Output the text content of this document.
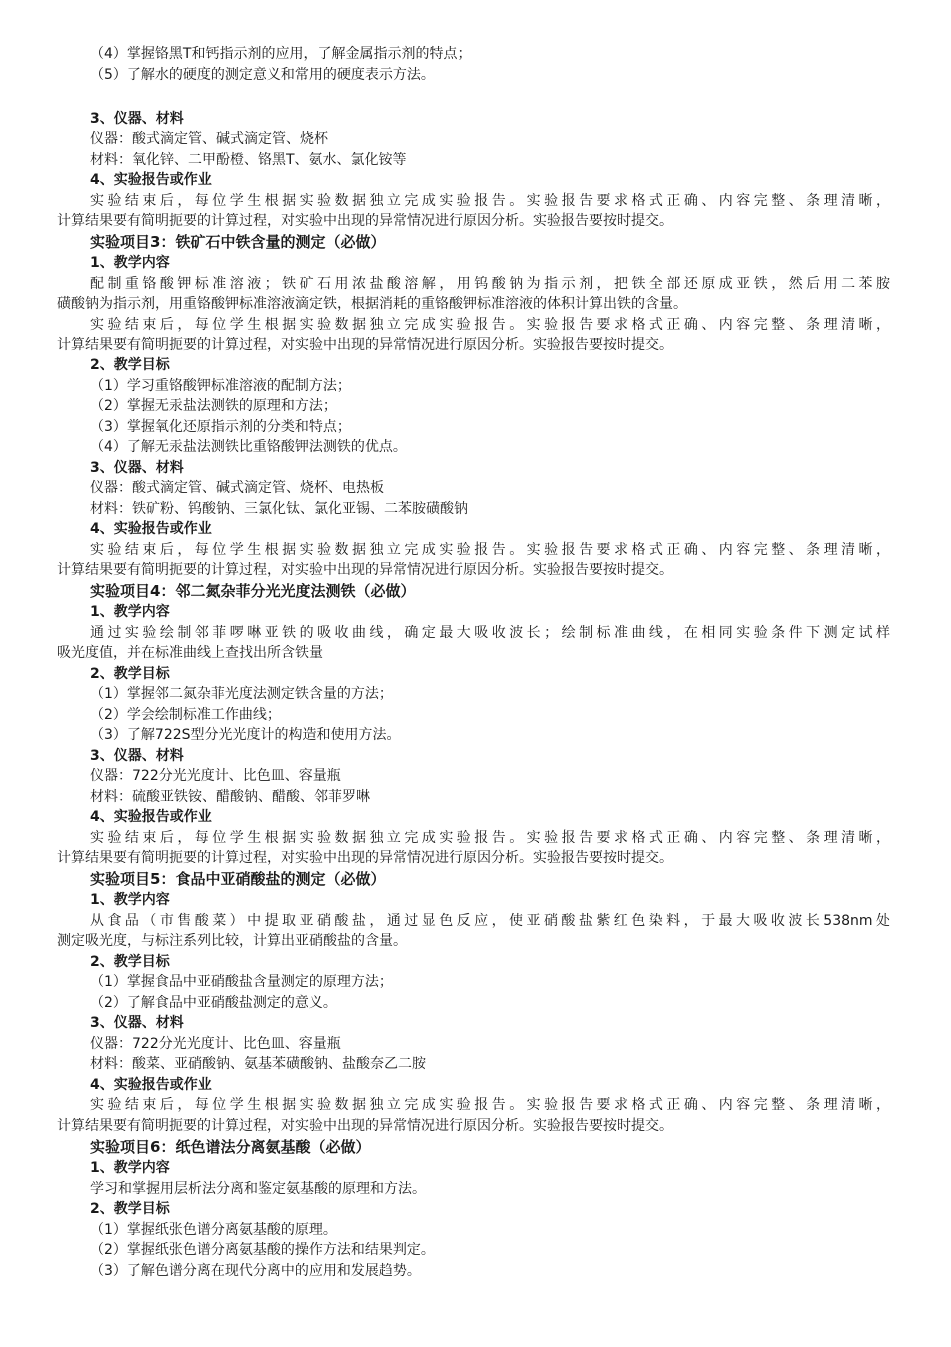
（4）掌握铬黑T和钙指示剂的应用，了解金属指示剂的特点；
（5）了解水的硬度的测定意义和常用的硬度表示方法。
3、仪器、材料
仪器：酸式滴定管、碱式滴定管、烧杯
材料：氧化锌、二甲酚橙、铬黑T、氨水、氯化铵等
4、实验报告或作业
实验结束后，每位学生根据实验数据独立完成实验报告。实验报告要求格式正确、内容完整、条理清晰，
计算结果要有简明扼要的计算过程，对实验中出现的异常情况进行原因分析。实验报告要按时提交。
实验项目3：铁矿石中铁含量的测定（必做）
1、教学内容
配制重铬酸钾标准溶液；铁矿石用浓盐酸溶解，用钨酸钠为指示剂，把铁全部还原成亚铁，然后用二苯胺
磺酸钠为指示剂，用重铬酸钾标准溶液滴定铁，根据消耗的重铬酸钾标准溶液的体积计算出铁的含量。
实验结束后，每位学生根据实验数据独立完成实验报告。实验报告要求格式正确、内容完整、条理清晰，
计算结果要有简明扼要的计算过程，对实验中出现的异常情况进行原因分析。实验报告要按时提交。
2、教学目标
（1）学习重铬酸钾标准溶液的配制方法；
（2）掌握无汞盐法测铁的原理和方法；
（3）掌握氧化还原指示剂的分类和特点；
（4）了解无汞盐法测铁比重铬酸钾法测铁的优点。
3、仪器、材料
仪器：酸式滴定管、碱式滴定管、烧杯、电热板
材料：铁矿粉、钨酸钠、三氯化钛、氯化亚锡、二苯胺磺酸钠
4、实验报告或作业
实验结束后，每位学生根据实验数据独立完成实验报告。实验报告要求格式正确、内容完整、条理清晰，
计算结果要有简明扼要的计算过程，对实验中出现的异常情况进行原因分析。实验报告要按时提交。
实验项目4：邻二氮杂菲分光光度法测铁（必做）
1、教学内容
通过实验绘制邻菲啰啉亚铁的吸收曲线，确定最大吸收波长；绘制标准曲线，在相同实验条件下测定试样
吸光度值，并在标准曲线上查找出所含铁量
2、教学目标
（1）掌握邻二氮杂菲光度法测定铁含量的方法；
（2）学会绘制标准工作曲线；
（3）了解722S型分光光度计的构造和使用方法。
3、仪器、材料
仪器：722分光光度计、比色皿、容量瓶
材料：硫酸亚铁铵、醋酸钠、醋酸、邻菲罗啉
4、实验报告或作业
实验结束后，每位学生根据实验数据独立完成实验报告。实验报告要求格式正确、内容完整、条理清晰，
计算结果要有简明扼要的计算过程，对实验中出现的异常情况进行原因分析。实验报告要按时提交。
实验项目5：食品中亚硝酸盐的测定（必做）
1、教学内容
从食品（市售酸菜）中提取亚硝酸盐，通过显色反应，使亚硝酸盐紫红色染料，于最大吸收波长538nm处
测定吸光度，与标注系列比较，计算出亚硝酸盐的含量。
2、教学目标
（1）掌握食品中亚硝酸盐含量测定的原理方法；
（2）了解食品中亚硝酸盐测定的意义。
3、仪器、材料
仪器：722分光光度计、比色皿、容量瓶
材料：酸菜、亚硝酸钠、氨基苯磺酸钠、盐酸奈乙二胺
4、实验报告或作业
实验结束后，每位学生根据实验数据独立完成实验报告。实验报告要求格式正确、内容完整、条理清晰，
计算结果要有简明扼要的计算过程，对实验中出现的异常情况进行原因分析。实验报告要按时提交。
实验项目6：纸色谱法分离氨基酸（必做）
1、教学内容
学习和掌握用层析法分离和鉴定氨基酸的原理和方法。
2、教学目标
（1）掌握纸张色谱分离氨基酸的原理。
（2）掌握纸张色谱分离氨基酸的操作方法和结果判定。
（3）了解色谱分离在现代分离中的应用和发展趋势。
